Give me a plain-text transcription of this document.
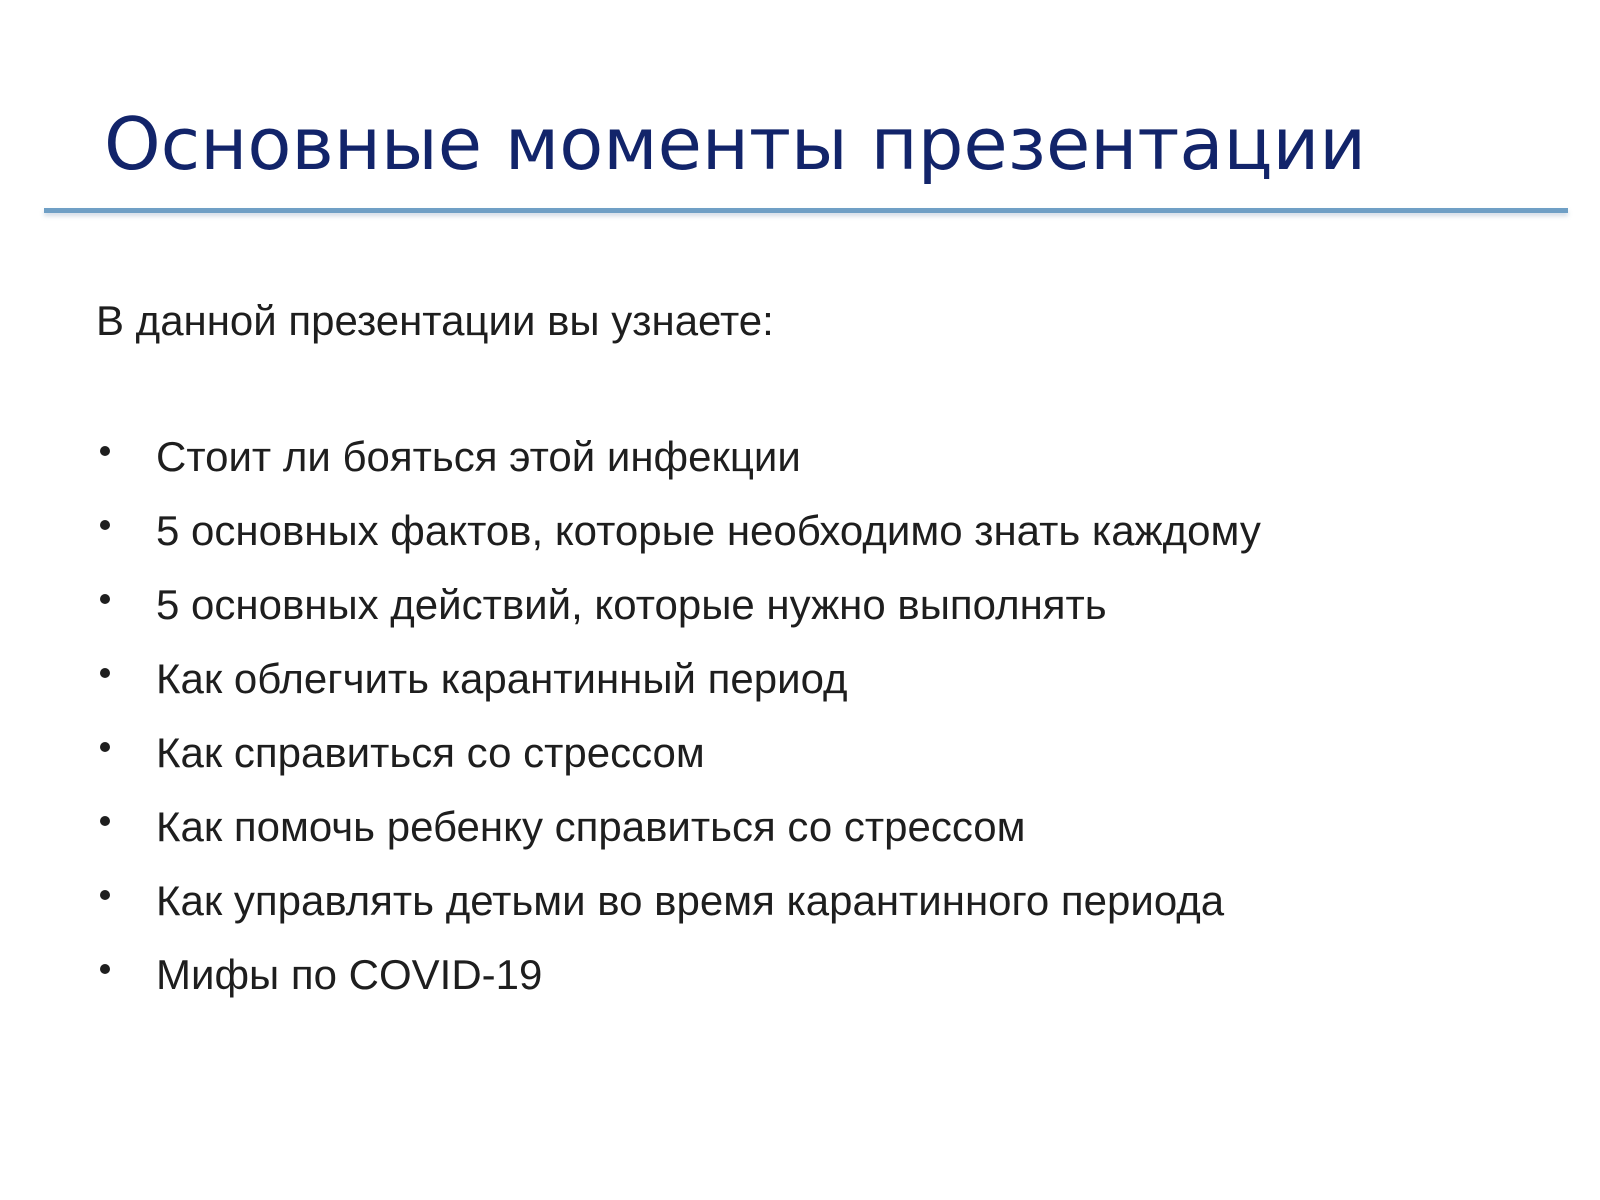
Основные моменты презентации

В данной презентации вы узнаете:

Стоит ли бояться этой инфекции
5 основных фактов, которые необходимо знать каждому
5 основных действий, которые нужно выполнять
Как облегчить карантинный период
Как справиться со стрессом
Как помочь ребенку справиться со стрессом
Как управлять детьми во время карантинного периода
Мифы по COVID-19
